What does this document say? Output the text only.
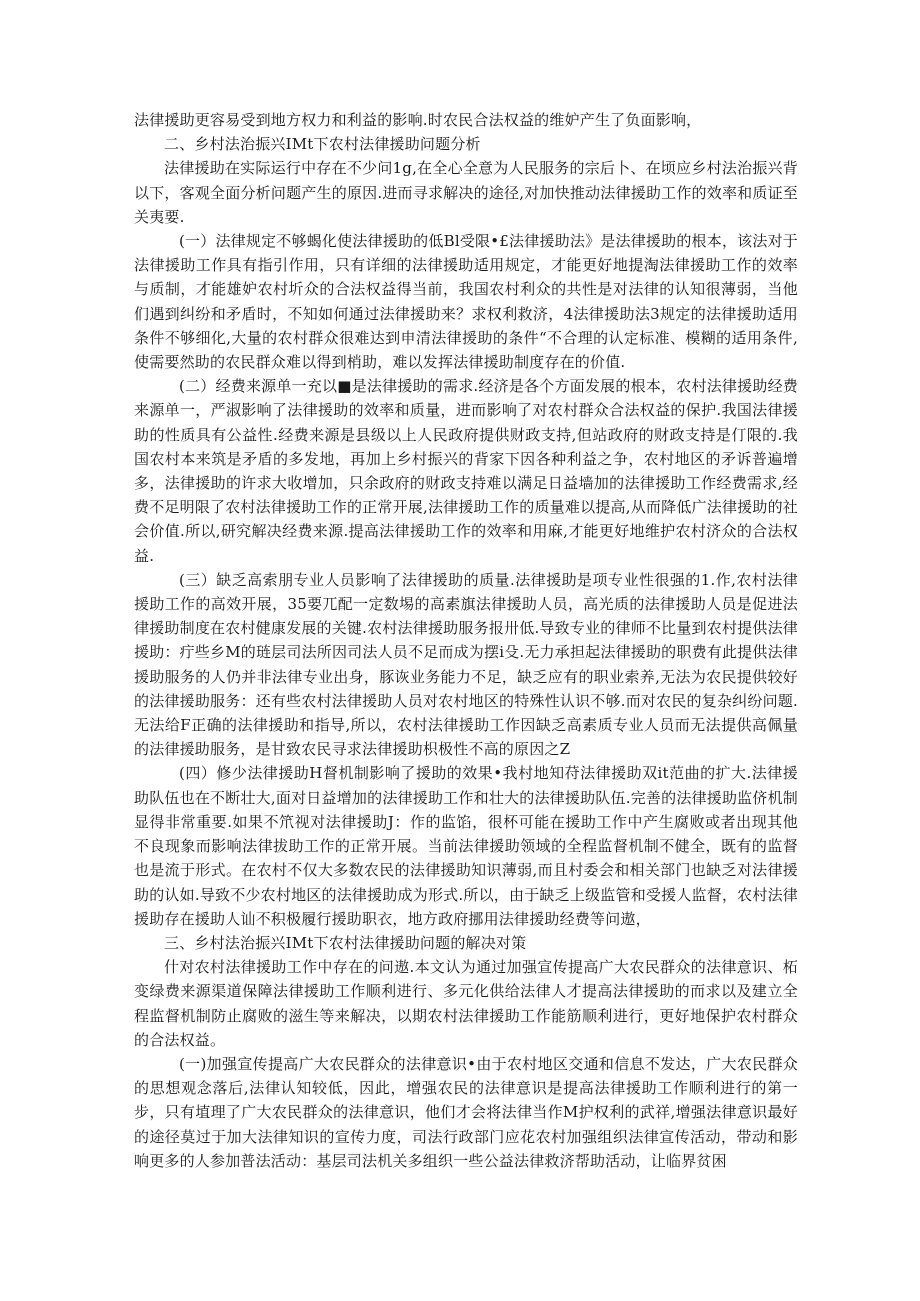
法律援助更容易受到地方权力和利益的影响.时农民合法权益的维妒产生了负面影响，

二、乡村法治振兴IMt下农村法律援助问题分析

法律援助在实际运行中存在不少问1g,在全心全意为人民服务的宗后卜、在顷应乡村法治振兴背以下，客观全面分析问题产生的原因.进而寻求解决的途径,对加快推动法律援助工作的效率和质证至关夷要.

(一）法律规定不够蝎化使法律援助的低Bl受限•£法律援助法》是法律援助的根本，该法对于法律援助工作具有指引作用，只有详细的法律援助适用规定，才能更好地提淘法律援助工作的效率与质制，才能雄妒农村圻众的合法权益得当前，我国农村利众的共性是对法律的认知很薄弱，当他们遇到纠纷和矛盾时，不知如何通过法律援助来？求权利救济，4法律援助法3规定的法律援助适用条件不够细化,大量的农村群众很难达到申清法律援助的条件“不合理的认定标准、模糊的适用条件,使需要然助的农民群众难以得到梢助，难以发挥法律援助制度存在的价值.

(二）经费来源单一充以■是法律援助的需求.经济是各个方面发展的根本，农村法律援助经费来源单一，严淑影响了法律援助的效率和质量，进而影响了对农村群众合法权益的保护.我国法律援助的性质具有公益性.经费来源是县级以上人民政府提供财政支持,但站政府的财政支持是仃限的.我国农村本来筑是矛盾的多发地，再加上乡村振兴的背家下因各种利益之争，农村地区的矛诉普遍增多，法律援助的许求大收增加，只余政府的财政支持难以满足日益墙加的法律援助工作经费需求,经费不足明限了农村法律援助工作的正常开展,法律援助工作的质量难以提高,从而降低广法律援助的社会价值.所以,研究解决经费来源.提高法律援助工作的效率和用麻,才能更好地维护农村济众的合法权益.

(三）缺乏高索朋专业人员影响了法律援助的质量.法律援助是项专业性很强的1.作,农村法律援助工作的高效开展，35要兀配一定数埸的高素旗法律援助人员，高光质的法律援助人员是促进法律援助制度在农村健康发展的关键.农村法律援助服务报卅低.导致专业的律师不比量到农村提供法律援助：疔些乡M的琏层司法所因司法人员不足而成为摆i殳.无力承担起法律援助的职费有此提供法律援助服务的人仍并非法律专业出身，豚诙业务能力不足，缺乏应有的职业索养,无法为农民提供较好的法律援助服务：还有些农村法律援助人员对农村地区的特殊性认识不够.而对农民的复杂纠纷问题.无法给F正确的法律援助和指导,所以，农村法律援助工作因缺乏高素质专业人员而无法提供高佩量的法律援助服务，是甘致农民寻求法律援助枳极性不高的原因之Z

(四）修少法律援助H督机制影响了援助的效果•我村地知苻法律援助双it范曲的扩大.法律援助队伍也在不断壮大,面对日益增加的法律援助工作和壮大的法律援助队伍.完善的法律援助监侪机制显得非常重要.如果不笊视对法律援助J：作的监馅，很杯可能在援助工作中产生腐败或者出现其他不良现象而影响法律拔助工作的正常开展。当前法律援助领域的全程监督机制不健全，既有的监督也是流于形式。在农村不仅大多数农民的法律援助知识薄弱,而且村委会和相关部门也缺乏对法律援助的认如.导致不少农村地区的法律援助成为形式.所以，由于缺乏上级监管和受援人监督，农村法律援助存在援助人讪不积极履行援助职衣，地方政府挪用法律援助经费等问遨，

三、乡村法治振兴IMt下农村法律援助问题的解决对策

什对农村法律援助工作中存在的问遨.本文认为通过加强宣传提高广大农民群众的法律意识、柘变绿费来源渠道保障法律援助工作顺利进行、多元化供给法律人才提高法律援助的而求以及建立全程监督机制防止腐败的滋生等来解决，以期农村法律援助工作能筋顺利进行，更好地保护农村群众的合法权益。

(一)加强宣传提高广大农民群众的法律意识•由于农村地区交通和信息不发达，广大农民群众的思想观念落后,法律认知较低，因此，增强农民的法律意识是提高法律援助工作顺利进行的第一步，只有埴理了广大农民群众的法律意识，他们才会将法律当作M护权利的武祥,增强法律意识最好的途径莫过于加大法律知识的宣传力度，司法行政部门应花农村加强组织法律宣传活动，带动和影响更多的人参加普法活动：基层司法机关多组织一些公益法律救济帮助活动，让临界贫困
